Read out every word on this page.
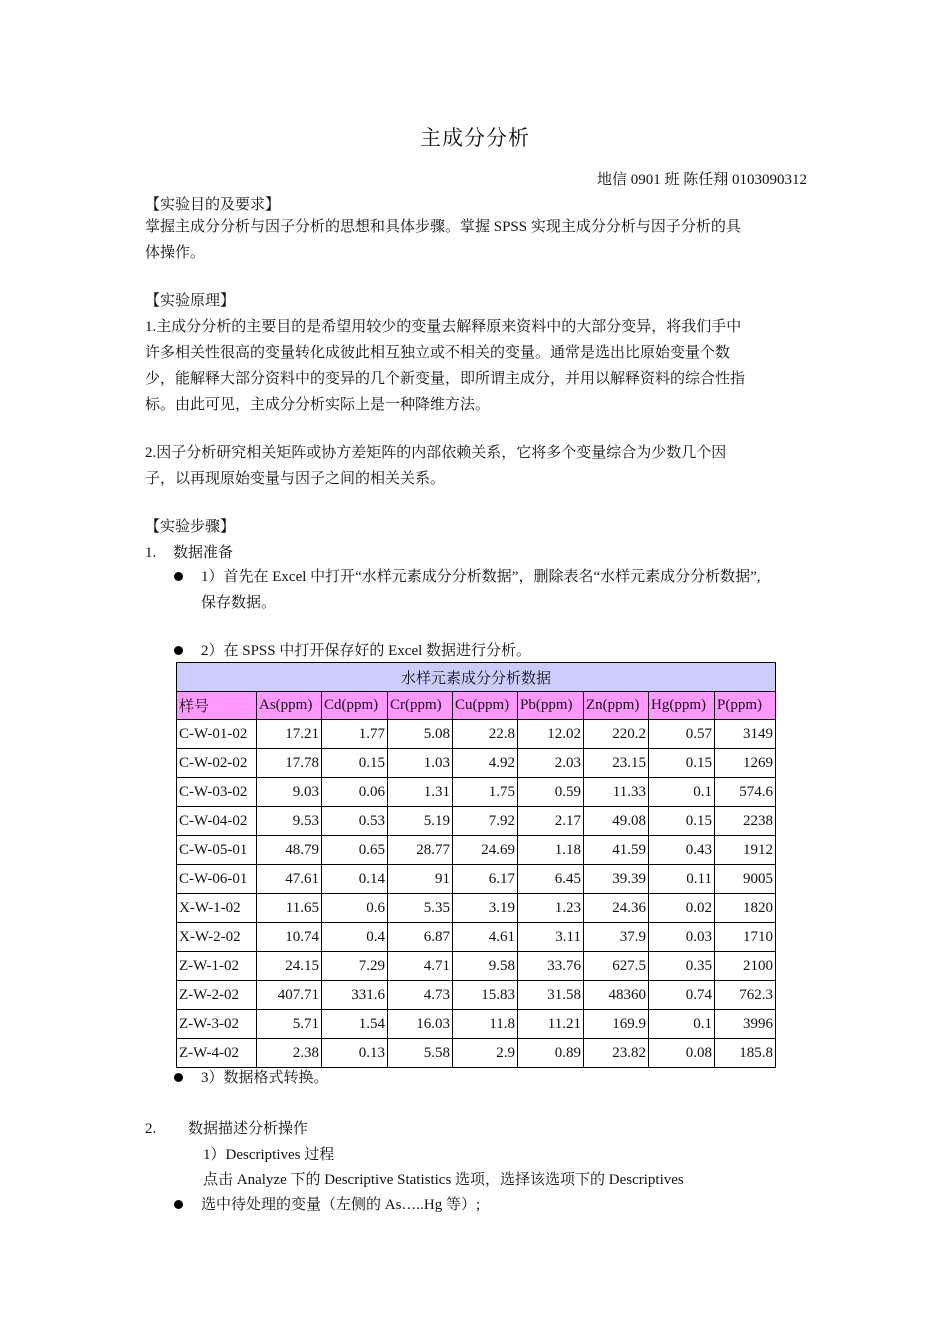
主成分分析
地信 0901 班 陈任翔 0103090312
【实验目的及要求】
掌握主成分分析与因子分析的思想和具体步骤。掌握 SPSS 实现主成分分析与因子分析的具
体操作。
【实验原理】
1.主成分分析的主要目的是希望用较少的变量去解释原来资料中的大部分变异，将我们手中
许多相关性很高的变量转化成彼此相互独立或不相关的变量。通常是选出比原始变量个数
少，能解释大部分资料中的变异的几个新变量，即所谓主成分，并用以解释资料的综合性指
标。由此可见，主成分分析实际上是一种降维方法。
2.因子分析研究相关矩阵或协方差矩阵的内部依赖关系，它将多个变量综合为少数几个因
子，以再现原始变量与因子之间的相关关系。
【实验步骤】
1. 数据准备
1）首先在 Excel 中打开“水样元素成分分析数据”，删除表名“水样元素成分分析数据”,
保存数据。
2）在 SPSS 中打开保存好的 Excel 数据进行分析。
水样元素成分分析数据								
样号	As(ppm)	Cd(ppm)	Cr(ppm)	Cu(ppm)	Pb(ppm)	Zn(ppm)	Hg(ppm)	P(ppm)
C-W-01-02	17.21	1.77	5.08	22.8	12.02	220.2	0.57	3149
C-W-02-02	17.78	0.15	1.03	4.92	2.03	23.15	0.15	1269
C-W-03-02	9.03	0.06	1.31	1.75	0.59	11.33	0.1	574.6
C-W-04-02	9.53	0.53	5.19	7.92	2.17	49.08	0.15	2238
C-W-05-01	48.79	0.65	28.77	24.69	1.18	41.59	0.43	1912
C-W-06-01	47.61	0.14	91	6.17	6.45	39.39	0.11	9005
X-W-1-02	11.65	0.6	5.35	3.19	1.23	24.36	0.02	1820
X-W-2-02	10.74	0.4	6.87	4.61	3.11	37.9	0.03	1710
Z-W-1-02	24.15	7.29	4.71	9.58	33.76	627.5	0.35	2100
Z-W-2-02	407.71	331.6	4.73	15.83	31.58	48360	0.74	762.3
Z-W-3-02	5.71	1.54	16.03	11.8	11.21	169.9	0.1	3996
Z-W-4-02	2.38	0.13	5.58	2.9	0.89	23.82	0.08	185.8
3）数据格式转换。
2. 数据描述分析操作
1）Descriptives 过程
点击 Analyze 下的 Descriptive Statistics 选项，选择该选项下的 Descriptives
选中待处理的变量（左侧的 As…..Hg 等）;
